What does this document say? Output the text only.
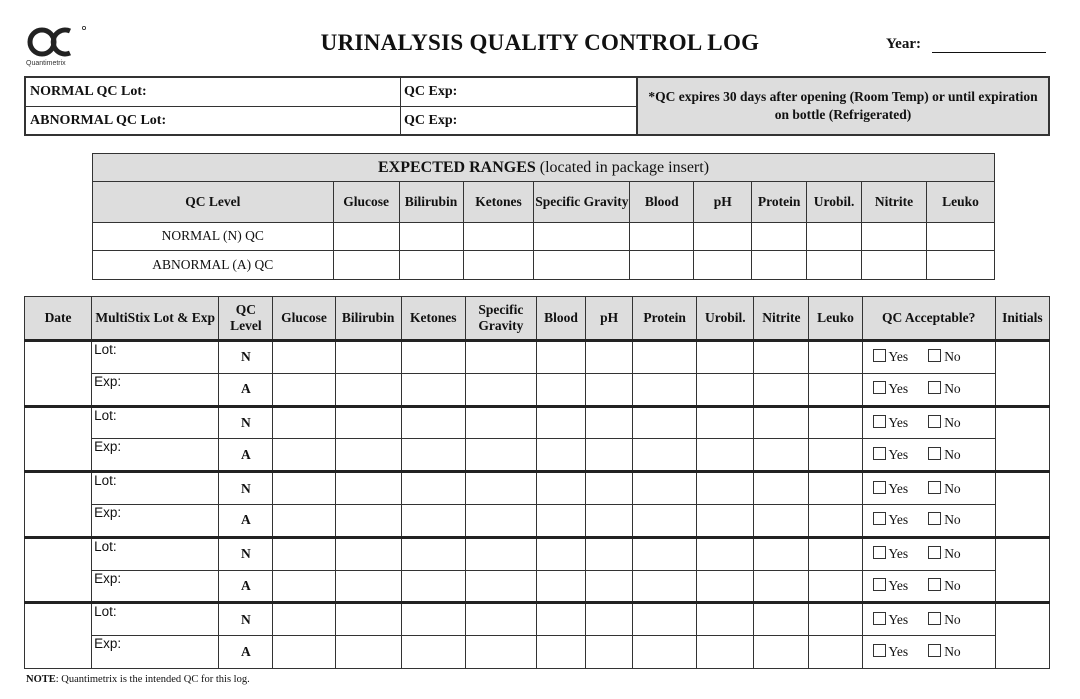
Quantimetrix
URINALYSIS QUALITY CONTROL LOG	Year:
NORMAL QC Lot:	QC Exp:
ABNORMAL QC Lot:	QC Exp:
*QC expires 30 days after opening (Room Temp) or until expiration on bottle (Refrigerated)
EXPECTED RANGES (located in package insert)										
QC Level	Glucose	Bilirubin	Ketones	Specific Gravity	Blood	pH	Protein	Urobil.	Nitrite	Leuko
NORMAL (N) QC										
ABNORMAL (A) QC										
Date	MultiStix Lot & Exp	QC Level	Glucose	Bilirubin	Ketones	Specific Gravity	Blood	pH	Protein	Urobil.	Nitrite	Leuko	QC Acceptable?	Initials
	Lot:	N											Yes No	
	Exp:	A											Yes No	
	Lot:	N											Yes No	
	Exp:	A											Yes No	
	Lot:	N											Yes No	
	Exp:	A											Yes No	
	Lot:	N											Yes No	
	Exp:	A											Yes No	
	Lot:	N											Yes No	
	Exp:	A											Yes No	
NOTE: Quantimetrix is the intended QC for this log.
